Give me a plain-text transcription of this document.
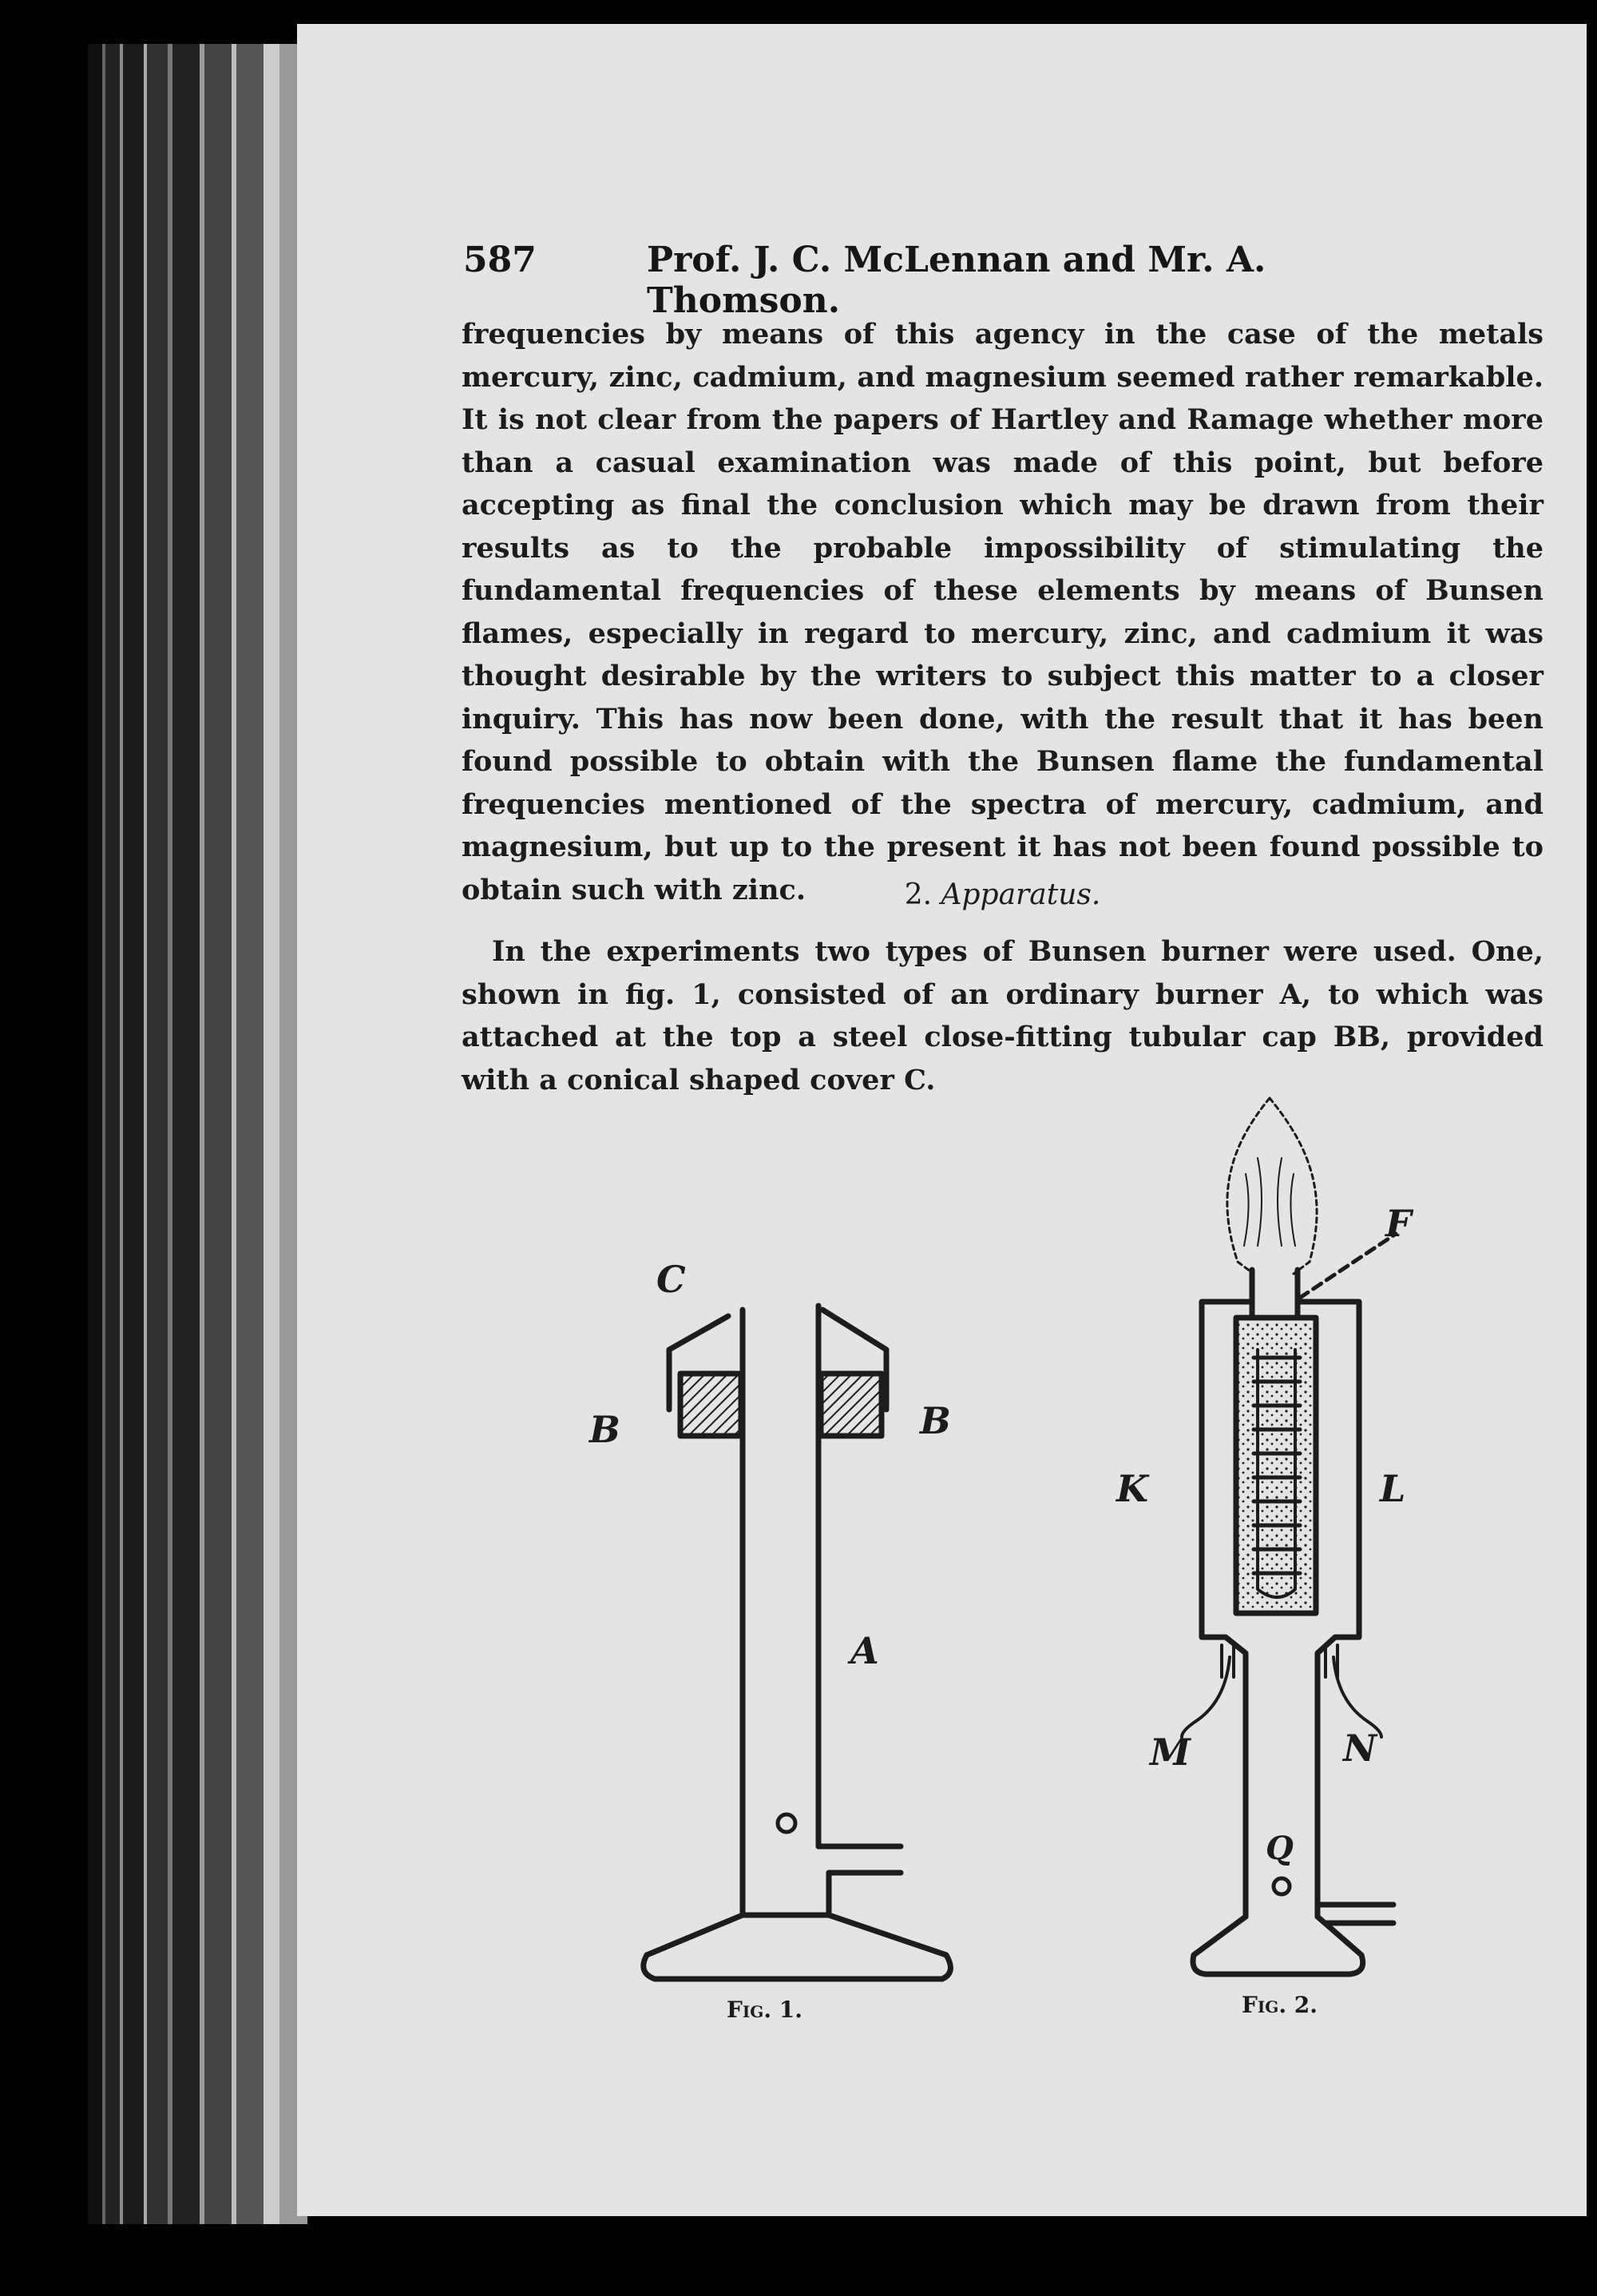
587	Prof. J. C. McLennan and Mr. A. Thomson.

frequencies by means of this agency in the case of the metals mercury, zinc, cadmium, and magnesium seemed rather remarkable. It is not clear from the papers of Hartley and Ramage whether more than a casual examination was made of this point, but before accepting as final the conclusion which may be drawn from their results as to the probable impossibility of stimulating the fundamental frequencies of these elements by means of Bunsen flames, especially in regard to mercury, zinc, and cadmium it was thought desirable by the writers to subject this matter to a closer inquiry. This has now been done, with the result that it has been found possible to obtain with the Bunsen flame the fundamental frequencies mentioned of the spectra of mercury, cadmium, and magnesium, but up to the present it has not been found possible to obtain such with zinc.	2. Apparatus.

In the experiments two types of Bunsen burner were used. One, shown in fig. 1, consisted of an ordinary burner A, to which was attached at the top a steel close-fitting tubular cap BB, provided with a conical shaped cover C.

C
B	B
A
F
K	L
M	N
Q
Fig. 1.	Fig. 2.
